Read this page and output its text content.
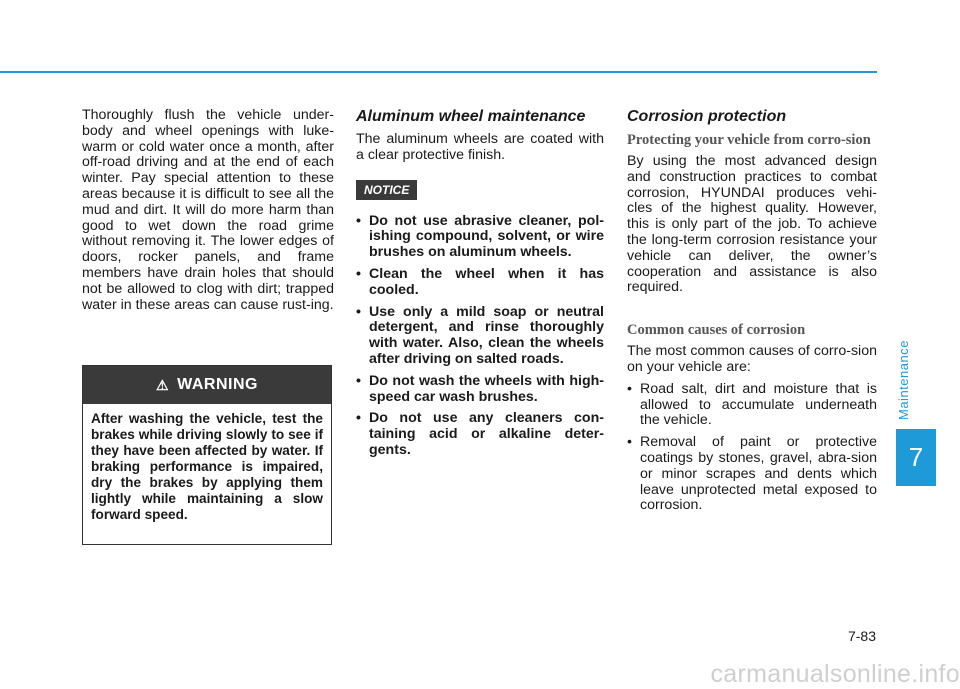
Maintenance
7

Thoroughly flush the vehicle under-body and wheel openings with luke-warm or cold water once a month, after off-road driving and at the end of each winter. Pay special attention to these areas because it is difficult to see all the mud and dirt. It will do more harm than good to wet down the road grime without removing it. The lower edges of doors, rocker panels, and frame members have drain holes that should not be allowed to clog with dirt; trapped water in these areas can cause rust-ing.

⚠ WARNING
After washing the vehicle, test the brakes while driving slowly to see if they have been affected by water. If braking performance is impaired, dry the brakes by applying them lightly while maintaining a slow forward speed.
Aluminum wheel maintenance

The aluminum wheels are coated with a clear protective finish.

NOTICE
• Do not use abrasive cleaner, pol-ishing compound, solvent, or wire brushes on aluminum wheels.
• Clean the wheel when it has cooled.
• Use only a mild soap or neutral detergent, and rinse thoroughly with water. Also, clean the wheels after driving on salted roads.
• Do not wash the wheels with high-speed car wash brushes.
• Do not use any cleaners con-taining acid or alkaline deter-gents.
Corrosion protection
Protecting your vehicle from corro-sion

By using the most advanced design and construction practices to combat corrosion, HYUNDAI produces vehi-cles of the highest quality. However, this is only part of the job. To achieve the long-term corrosion resistance your vehicle can deliver, the owner’s cooperation and assistance is also required.

Common causes of corrosion

The most common causes of corro-sion on your vehicle are:

• Road salt, dirt and moisture that is allowed to accumulate underneath the vehicle.
• Removal of paint or protective coatings by stones, gravel, abra-sion or minor scrapes and dents which leave unprotected metal exposed to corrosion.
7-83
carmanualsonline.info
